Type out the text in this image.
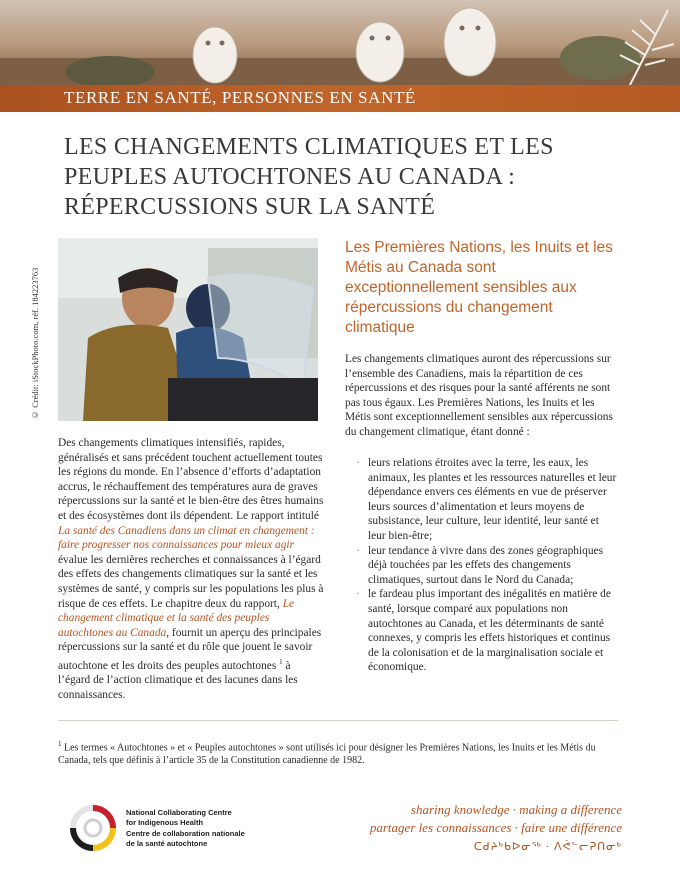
TERRE EN SANTÉ, PERSONNES EN SANTÉ
LES CHANGEMENTS CLIMATIQUES ET LES
PEUPLES AUTOCHTONES AU CANADA :
RÉPERCUSSIONS SUR LA SANTÉ
© Crédit: iStockPhoto.com, réf. 184223763

Des changements climatiques intensifiés, rapides, généralisés et sans précédent touchent actuellement toutes les régions du monde. En l’absence d’efforts d’adaptation accrus, le réchauffement des températures aura de graves répercussions sur la santé et le bien-être des êtres humains et des écosystèmes dont ils dépendent. Le rapport intitulé La santé des Canadiens dans un climat en changement : faire progresser nos connaissances pour mieux agir évalue les dernières recherches et connaissances à l’égard des effets des changements climatiques sur la santé et les systèmes de santé, y compris sur les populations les plus à risque de ces effets. Le chapitre deux du rapport, Le changement climatique et la santé des peuples autochtones au Canada, fournit un aperçu des principales répercussions sur la santé et du rôle que jouent le savoir autochtone et les droits des peuples autochtones $^1$ à l’égard de l’action climatique et des lacunes dans les connaissances.

Les Premières Nations, les Inuits et les Métis au Canada sont exceptionnellement sensibles aux répercussions du changement climatique

Les changements climatiques auront des répercussions sur l’ensemble des Canadiens, mais la répartition de ces répercussions et des risques pour la santé afférents ne sont pas tous égaux. Les Premières Nations, les Inuits et les Métis sont exceptionnellement sensibles aux répercussions du changement climatique, étant donné :

· leurs relations étroites avec la terre, les eaux, les animaux, les plantes et les ressources naturelles et leur dépendance envers ces éléments en vue de préserver leurs sources d’alimentation et leurs moyens de subsistance, leur culture, leur identité, leur santé et leur bien-être;
· leur tendance à vivre dans des zones géographiques déjà touchées par les effets des changements climatiques, surtout dans le Nord du Canada;
· le fardeau plus important des inégalités en matière de santé, lorsque comparé aux populations non autochtones au Canada, et les déterminants de santé connexes, y compris les effets historiques et continus de la colonisation et de la marginalisation sociale et économique.

$^1$ Les termes « Autochtones » et « Peuples autochtones » sont utilisés ici pour désigner les Premières Nations, les Inuits et les Métis du Canada, tels que définis à l’article 35 de la Constitution canadienne de 1982.

National Collaborating Centre
for Indigenous Health
Centre de collaboration nationale
de la santé autochtone
sharing knowledge · making a difference
partager les connaissances · faire une différence
ᑕᑯᔨᒃᑲᐅᓂᖅ · ᐱᕚᓪᓕᕈᑎᓂᒃ
